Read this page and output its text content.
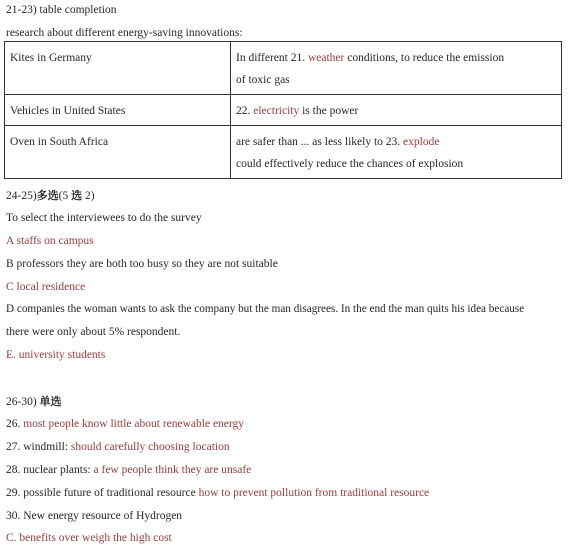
21-23) table completion
research about different energy-saving innovations:
Kites in Germany	In different 21. weather conditions, to reduce the emission
of toxic gas

Vehicles in United States	22. electricity is the power

Oven in South Africa	are safer than ... as less likely to 23. explode
could effectively reduce the chances of explosion
24-25)多选(5 选 2)
To select the interviewees to do the survey
A staffs on campus
B professors they are both too busy so they are not suitable
C local residence
D companies the woman wants to ask the company but the man disagrees. In the end the man quits his idea because
there were only about 5% respondent.
E. university students
26-30) 单选
26. most people know little about renewable energy
27. windmill: should carefully choosing location
28. nuclear plants: a few people think they are unsafe
29. possible future of traditional resource how to prevent pollution from traditional resource
30. New energy resource of Hydrogen
C. benefits over weigh the high cost
